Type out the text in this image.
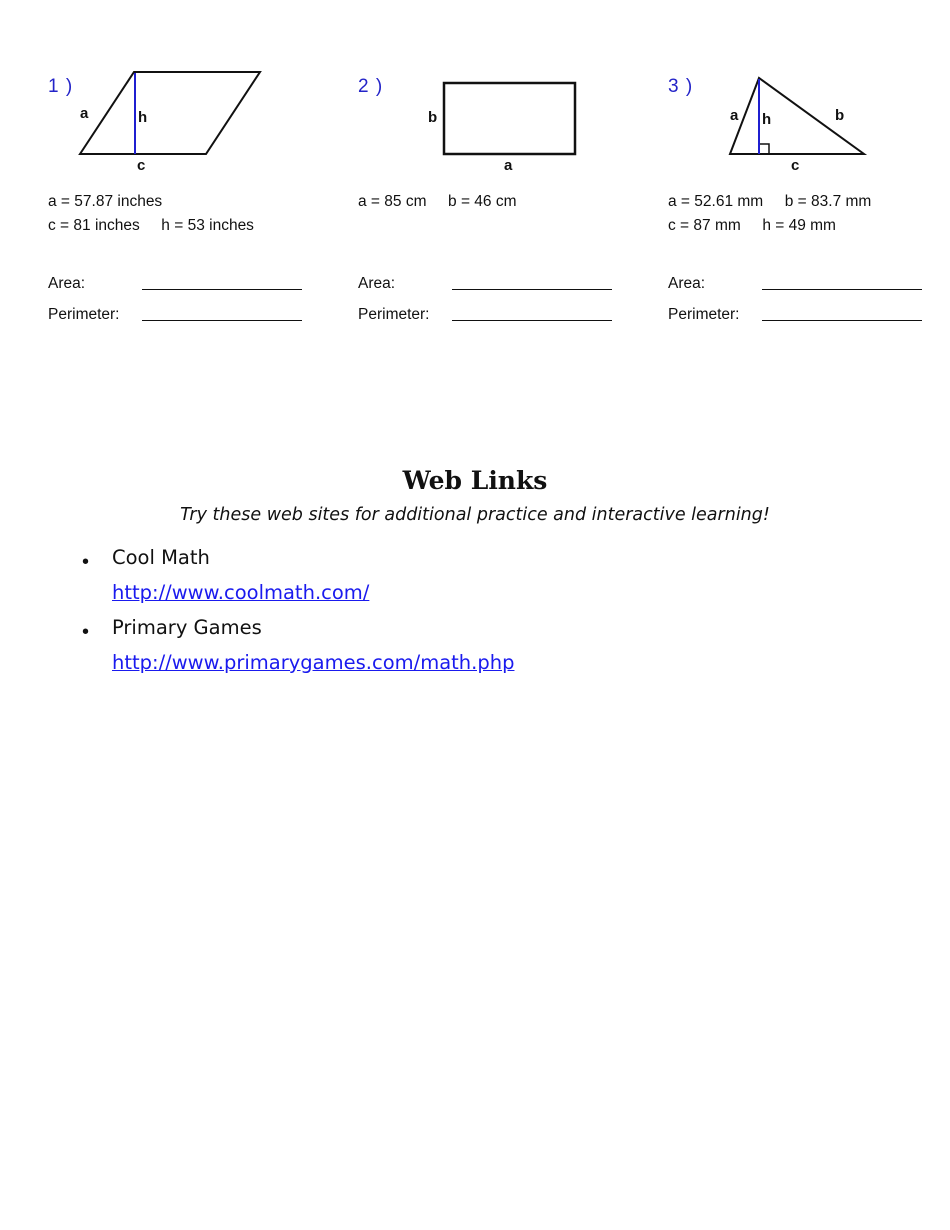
1 )
a	h
c
a = 57.87 inches
c = 81 inches     h = 53 inches
Area:
Perimeter:
2 )
b
a
a = 85 cm     b = 46 cm

Area:
Perimeter:
3 )
a h	b
c
a = 52.61 mm     b = 83.7 mm
c = 87 mm     h = 49 mm
Area:
Perimeter:
Web Links
Try these web sites for additional practice and interactive learning!
• Cool Math
http://www.coolmath.com/
• Primary Games
http://www.primarygames.com/math.php
